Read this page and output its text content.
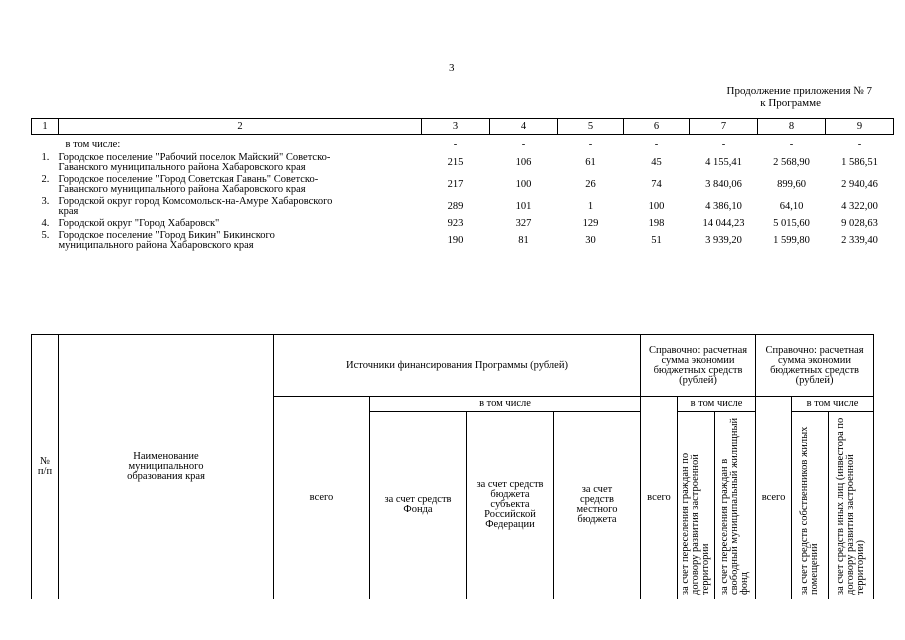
3
Продолжение приложения № 7
к Программе
1	2	3	4	5	6	7	8	9
	в том числе:	-	-	-	-	-	-	-
1.	Городское поселение "Рабочий поселок Майский" Советско-Гаванского муниципального района Хабаровского края	215	106	61	45	4 155,41	2 568,90	1 586,51
2.	Городское поселение "Город Советская Гавань" Советско-Гаванского муниципального района Хабаровского края	217	100	26	74	3 840,06	899,60	2 940,46
3.	Городской округ город Комсомольск-на-Амуре Хабаровского края	289	101	1	100	4 386,10	64,10	4 322,00
4.	Городской округ "Город Хабаровск"	923	327	129	198	14 044,23	5 015,60	9 028,63
5.	Городское поселение "Город Бикин" Бикинского муниципального района Хабаровского края	190	81	30	51	3 939,20	1 599,80	2 339,40
№ п/п	Наименование муниципального образования края	Источники финансирования Программы (рублей)				Справочно: расчетная сумма экономии бюджетных средств (рублей)			Справочно: расчетная сумма экономии бюджетных средств (рублей)		

		всего	в том числе			всего	в том числе		всего	в том числе	

			за счет средств Фонда	за счет средств бюджета субъекта Российской Федерации	за счет средств местного бюджета		за счет переселения граждан по договору развития застроенной территории	за счет переселения граждан в свободный муниципальный жилищный фонд		за счет средств собственников жилых помещений	за счет средств иных лиц (инвестора по договору развития застроенной территории)
